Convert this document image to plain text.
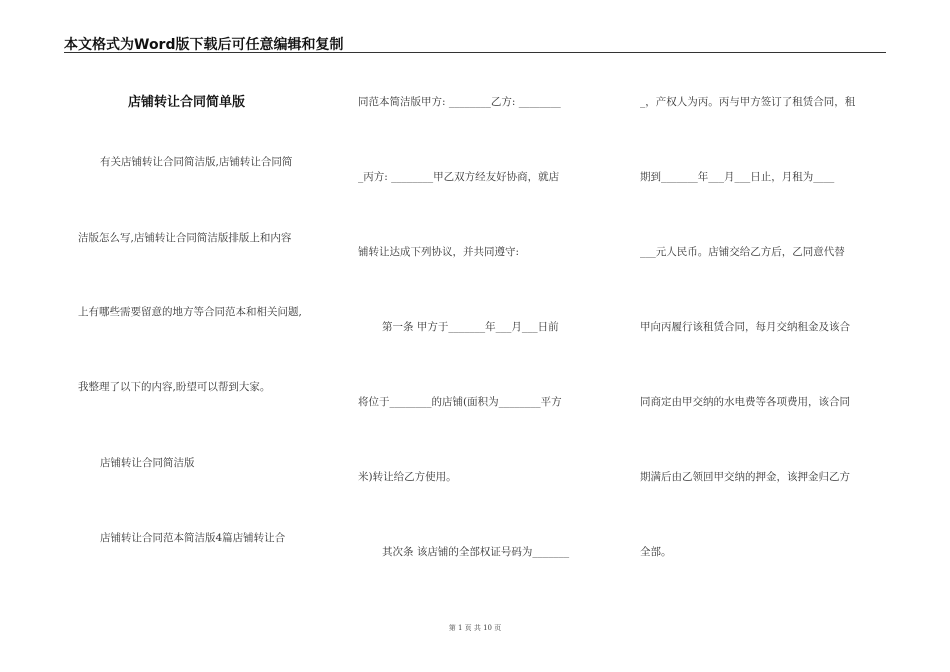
本文格式为Word版下载后可任意编辑和复制
店铺转让合同简单版
有关店铺转让合同简洁版,店铺转让合同简
洁版怎么写,店铺转让合同简洁版排版上和内容
上有哪些需要留意的地方等合同范本和相关问题,
我整理了以下的内容,盼望可以帮到大家。
店铺转让合同简洁版
店铺转让合同范本简洁版4篇店铺转让合
同范本简洁版甲方: ________乙方: ________
_丙方: ________甲乙双方经友好协商，就店
铺转让达成下列协议，并共同遵守:
第一条 甲方于_______年___月___日前
将位于________的店铺(面积为________平方
米)转让给乙方使用。
其次条 该店铺的全部权证号码为_______
_，产权人为丙。丙与甲方签订了租赁合同，租
期到_______年___月___日止，月租为____
___元人民币。店铺交给乙方后，乙同意代替
甲向丙履行该租赁合同，每月交纳租金及该合
同商定由甲交纳的水电费等各项费用，该合同
期满后由乙领回甲交纳的押金，该押金归乙方
全部。
第 1 页 共 10 页
